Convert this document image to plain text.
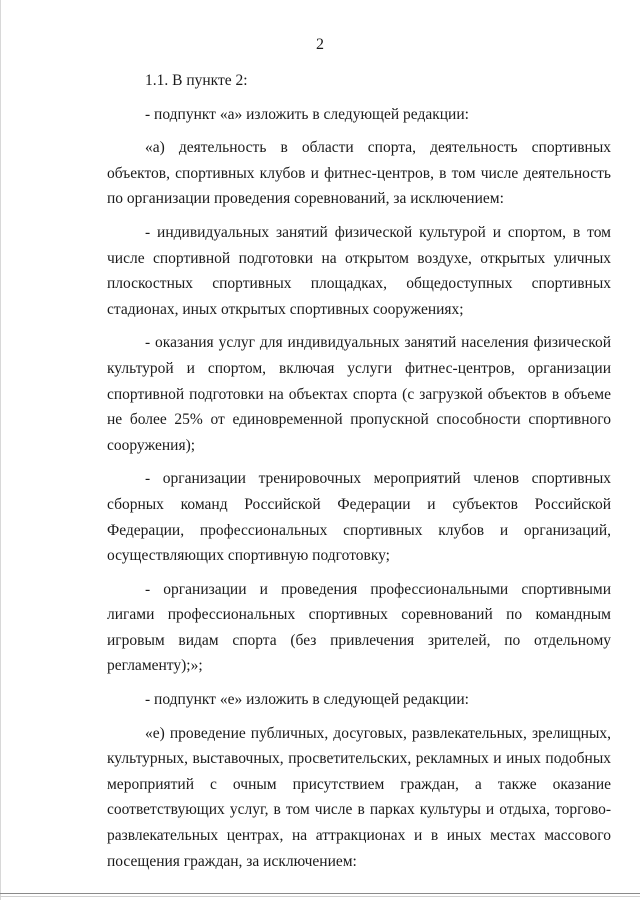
2

1.1. В пункте 2:

- подпункт «а» изложить в следующей редакции:

«а) деятельность в области спорта, деятельность спортивных объектов, спортивных клубов и фитнес-центров, в том числе деятельность по организации проведения соревнований, за исключением:

- индивидуальных занятий физической культурой и спортом, в том числе спортивной подготовки на открытом воздухе, открытых уличных плоскостных спортивных площадках, общедоступных спортивных стадионах, иных открытых спортивных сооружениях;

- оказания услуг для индивидуальных занятий населения физической культурой и спортом, включая услуги фитнес-центров, организации спортивной подготовки на объектах спорта (с загрузкой объектов в объеме не более 25% от единовременной пропускной способности спортивного сооружения);

- организации тренировочных мероприятий членов спортивных сборных команд Российской Федерации и субъектов Российской Федерации, профессиональных спортивных клубов и организаций, осуществляющих спортивную подготовку;

- организации и проведения профессиональными спортивными лигами профессиональных спортивных соревнований по командным игровым видам спорта (без привлечения зрителей, по отдельному регламенту);»;

- подпункт «е» изложить в следующей редакции:

«е) проведение публичных, досуговых, развлекательных, зрелищных, культурных, выставочных, просветительских, рекламных и иных подобных мероприятий с очным присутствием граждан, а также оказание соответствующих услуг, в том числе в парках культуры и отдыха, торгово-развлекательных центрах, на аттракционах и в иных местах массового посещения граждан, за исключением:
